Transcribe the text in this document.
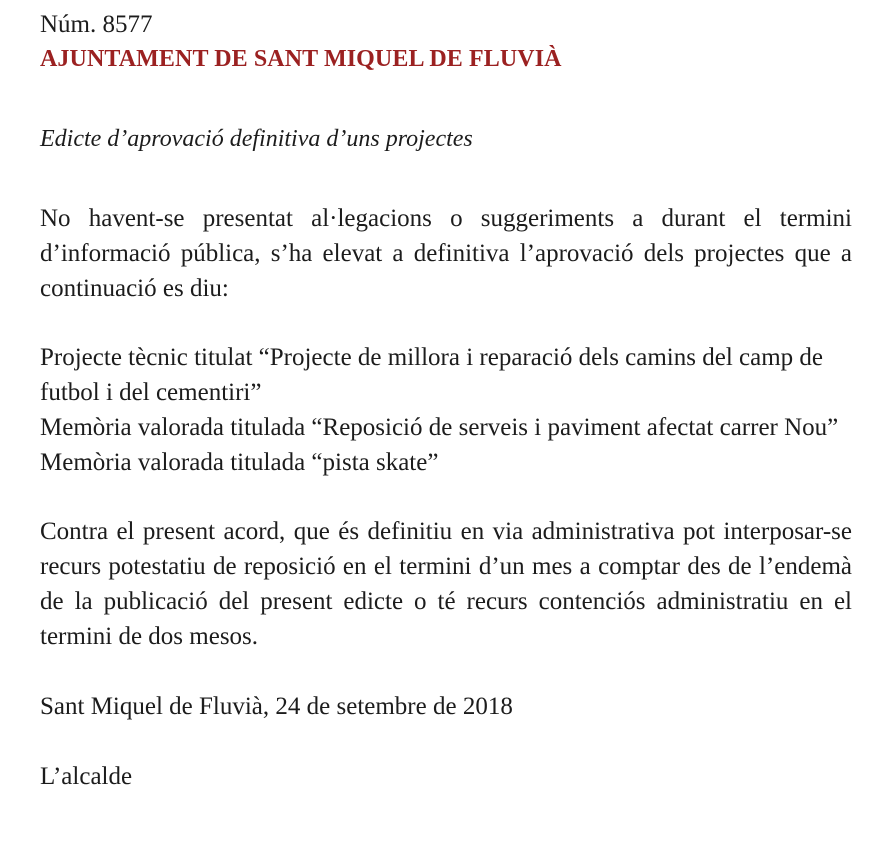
Núm. 8577

AJUNTAMENT DE SANT MIQUEL DE FLUVIÀ

Edicte d’aprovació definitiva d’uns projectes

No havent-se presentat al·legacions o suggeriments a durant el termini d’informació pública, s’ha elevat a definitiva l’aprovació dels projectes que a continuació es diu:

Projecte tècnic titulat “Projecte de millora i reparació dels camins del camp de futbol i del cementiri”
Memòria valorada titulada “Reposició de serveis i paviment afectat carrer Nou”
Memòria valorada titulada “pista skate”

Contra el present acord, que és definitiu en via administrativa pot interposar-se recurs potestatiu de reposició en el termini d’un mes a comptar des de l’endemà de la publicació del present edicte o té recurs contenciós administratiu en el termini de dos mesos.

Sant Miquel de Fluvià, 24 de setembre de 2018

L’alcalde
